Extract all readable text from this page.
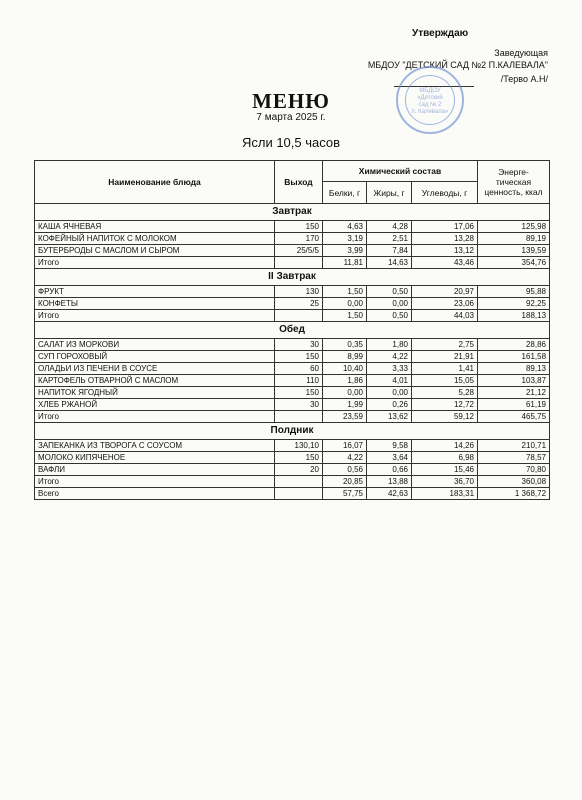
Утверждаю
Заведующая
МБДОУ "ДЕТСКИЙ САД №2 П.КАЛЕВАЛА"
/Терво А.Н/
МБДОУ
«Детский
сад № 2
п. Калевала»
МЕНЮ
7 марта 2025 г.
Ясли 10,5 часов
Наименование блюда	Выход	Химический состав			Энерге-тическая ценность, ккал
		Белки, г	Жиры, г	Углеводы, г	
Завтрак					
КАША ЯЧНЕВАЯ	150	4,63	4,28	17,06	125,98
КОФЕЙНЫЙ НАПИТОК С МОЛОКОМ	170	3,19	2,51	13,28	89,19
БУТЕРБРОДЫ С МАСЛОМ И СЫРОМ	25/5/5	3,99	7,84	13,12	139,59
Итого		11,81	14,63	43,46	354,76
II Завтрак					
ФРУКТ	130	1,50	0,50	20,97	95,88
КОНФЕТЫ	25	0,00	0,00	23,06	92,25
Итого		1,50	0,50	44,03	188,13
Обед					
САЛАТ ИЗ МОРКОВИ	30	0,35	1,80	2,75	28,86
СУП ГОРОХОВЫЙ	150	8,99	4,22	21,91	161,58
ОЛАДЬИ ИЗ ПЕЧЕНИ В СОУСЕ	60	10,40	3,33	1,41	89,13
КАРТОФЕЛЬ ОТВАРНОЙ С МАСЛОМ	110	1,86	4,01	15,05	103,87
НАПИТОК ЯГОДНЫЙ	150	0,00	0,00	5,28	21,12
ХЛЕБ РЖАНОЙ	30	1,99	0,26	12,72	61,19
Итого		23,59	13,62	59,12	465,75
Полдник					
ЗАПЕКАНКА ИЗ ТВОРОГА С СОУСОМ	130,10	16,07	9,58	14,26	210,71
МОЛОКО КИПЯЧЕНОЕ	150	4,22	3,64	6,98	78,57
ВАФЛИ	20	0,56	0,66	15,46	70,80
Итого		20,85	13,88	36,70	360,08
Всего		57,75	42,63	183,31	1 368,72
